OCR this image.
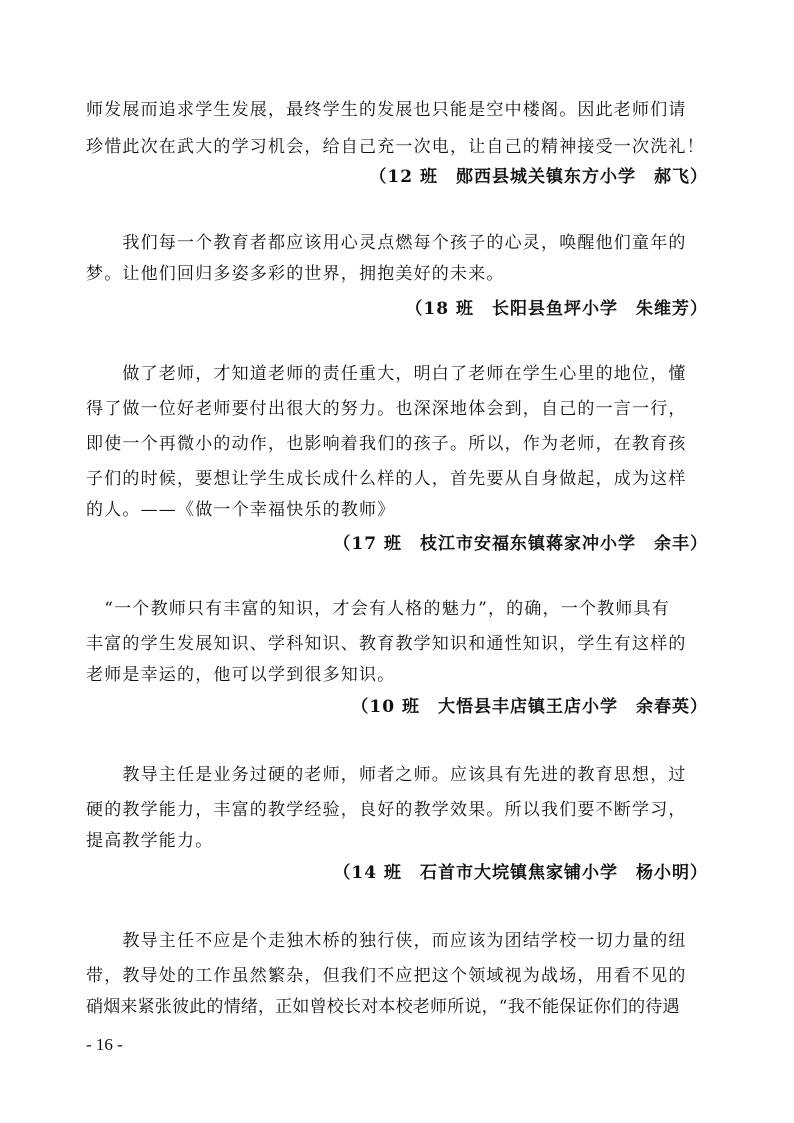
师发展而追求学生发展，最终学生的发展也只能是空中楼阁。因此老师们请
珍惜此次在武大的学习机会，给自己充一次电，让自己的精神接受一次洗礼！
（12 班　郧西县城关镇东方小学　郝飞）
　　我们每一个教育者都应该用心灵点燃每个孩子的心灵，唤醒他们童年的
梦。让他们回归多姿多彩的世界，拥抱美好的未来。
（18 班　长阳县鱼坪小学　朱维芳）
　　做了老师，才知道老师的责任重大，明白了老师在学生心里的地位，懂
得了做一位好老师要付出很大的努力。也深深地体会到，自己的一言一行，
即使一个再微小的动作，也影响着我们的孩子。所以，作为老师，在教育孩
子们的时候，要想让学生成长成什么样的人，首先要从自身做起，成为这样
的人。——《做一个幸福快乐的教师》
（17 班　枝江市安福东镇蒋家冲小学　余丰）
　“一个教师只有丰富的知识，才会有人格的魅力”，的确，一个教师具有
丰富的学生发展知识、学科知识、教育教学知识和通性知识，学生有这样的
老师是幸运的，他可以学到很多知识。
（10 班　大悟县丰店镇王店小学　余春英）
　　教导主任是业务过硬的老师，师者之师。应该具有先进的教育思想，过
硬的教学能力，丰富的教学经验，良好的教学效果。所以我们要不断学习，
提高教学能力。
（14 班　石首市大垸镇焦家铺小学　杨小明）
　　教导主任不应是个走独木桥的独行侠，而应该为团结学校一切力量的纽
带，教导处的工作虽然繁杂，但我们不应把这个领域视为战场，用看不见的
硝烟来紧张彼此的情绪，正如曾校长对本校老师所说，“我不能保证你们的待遇
- 16 -
